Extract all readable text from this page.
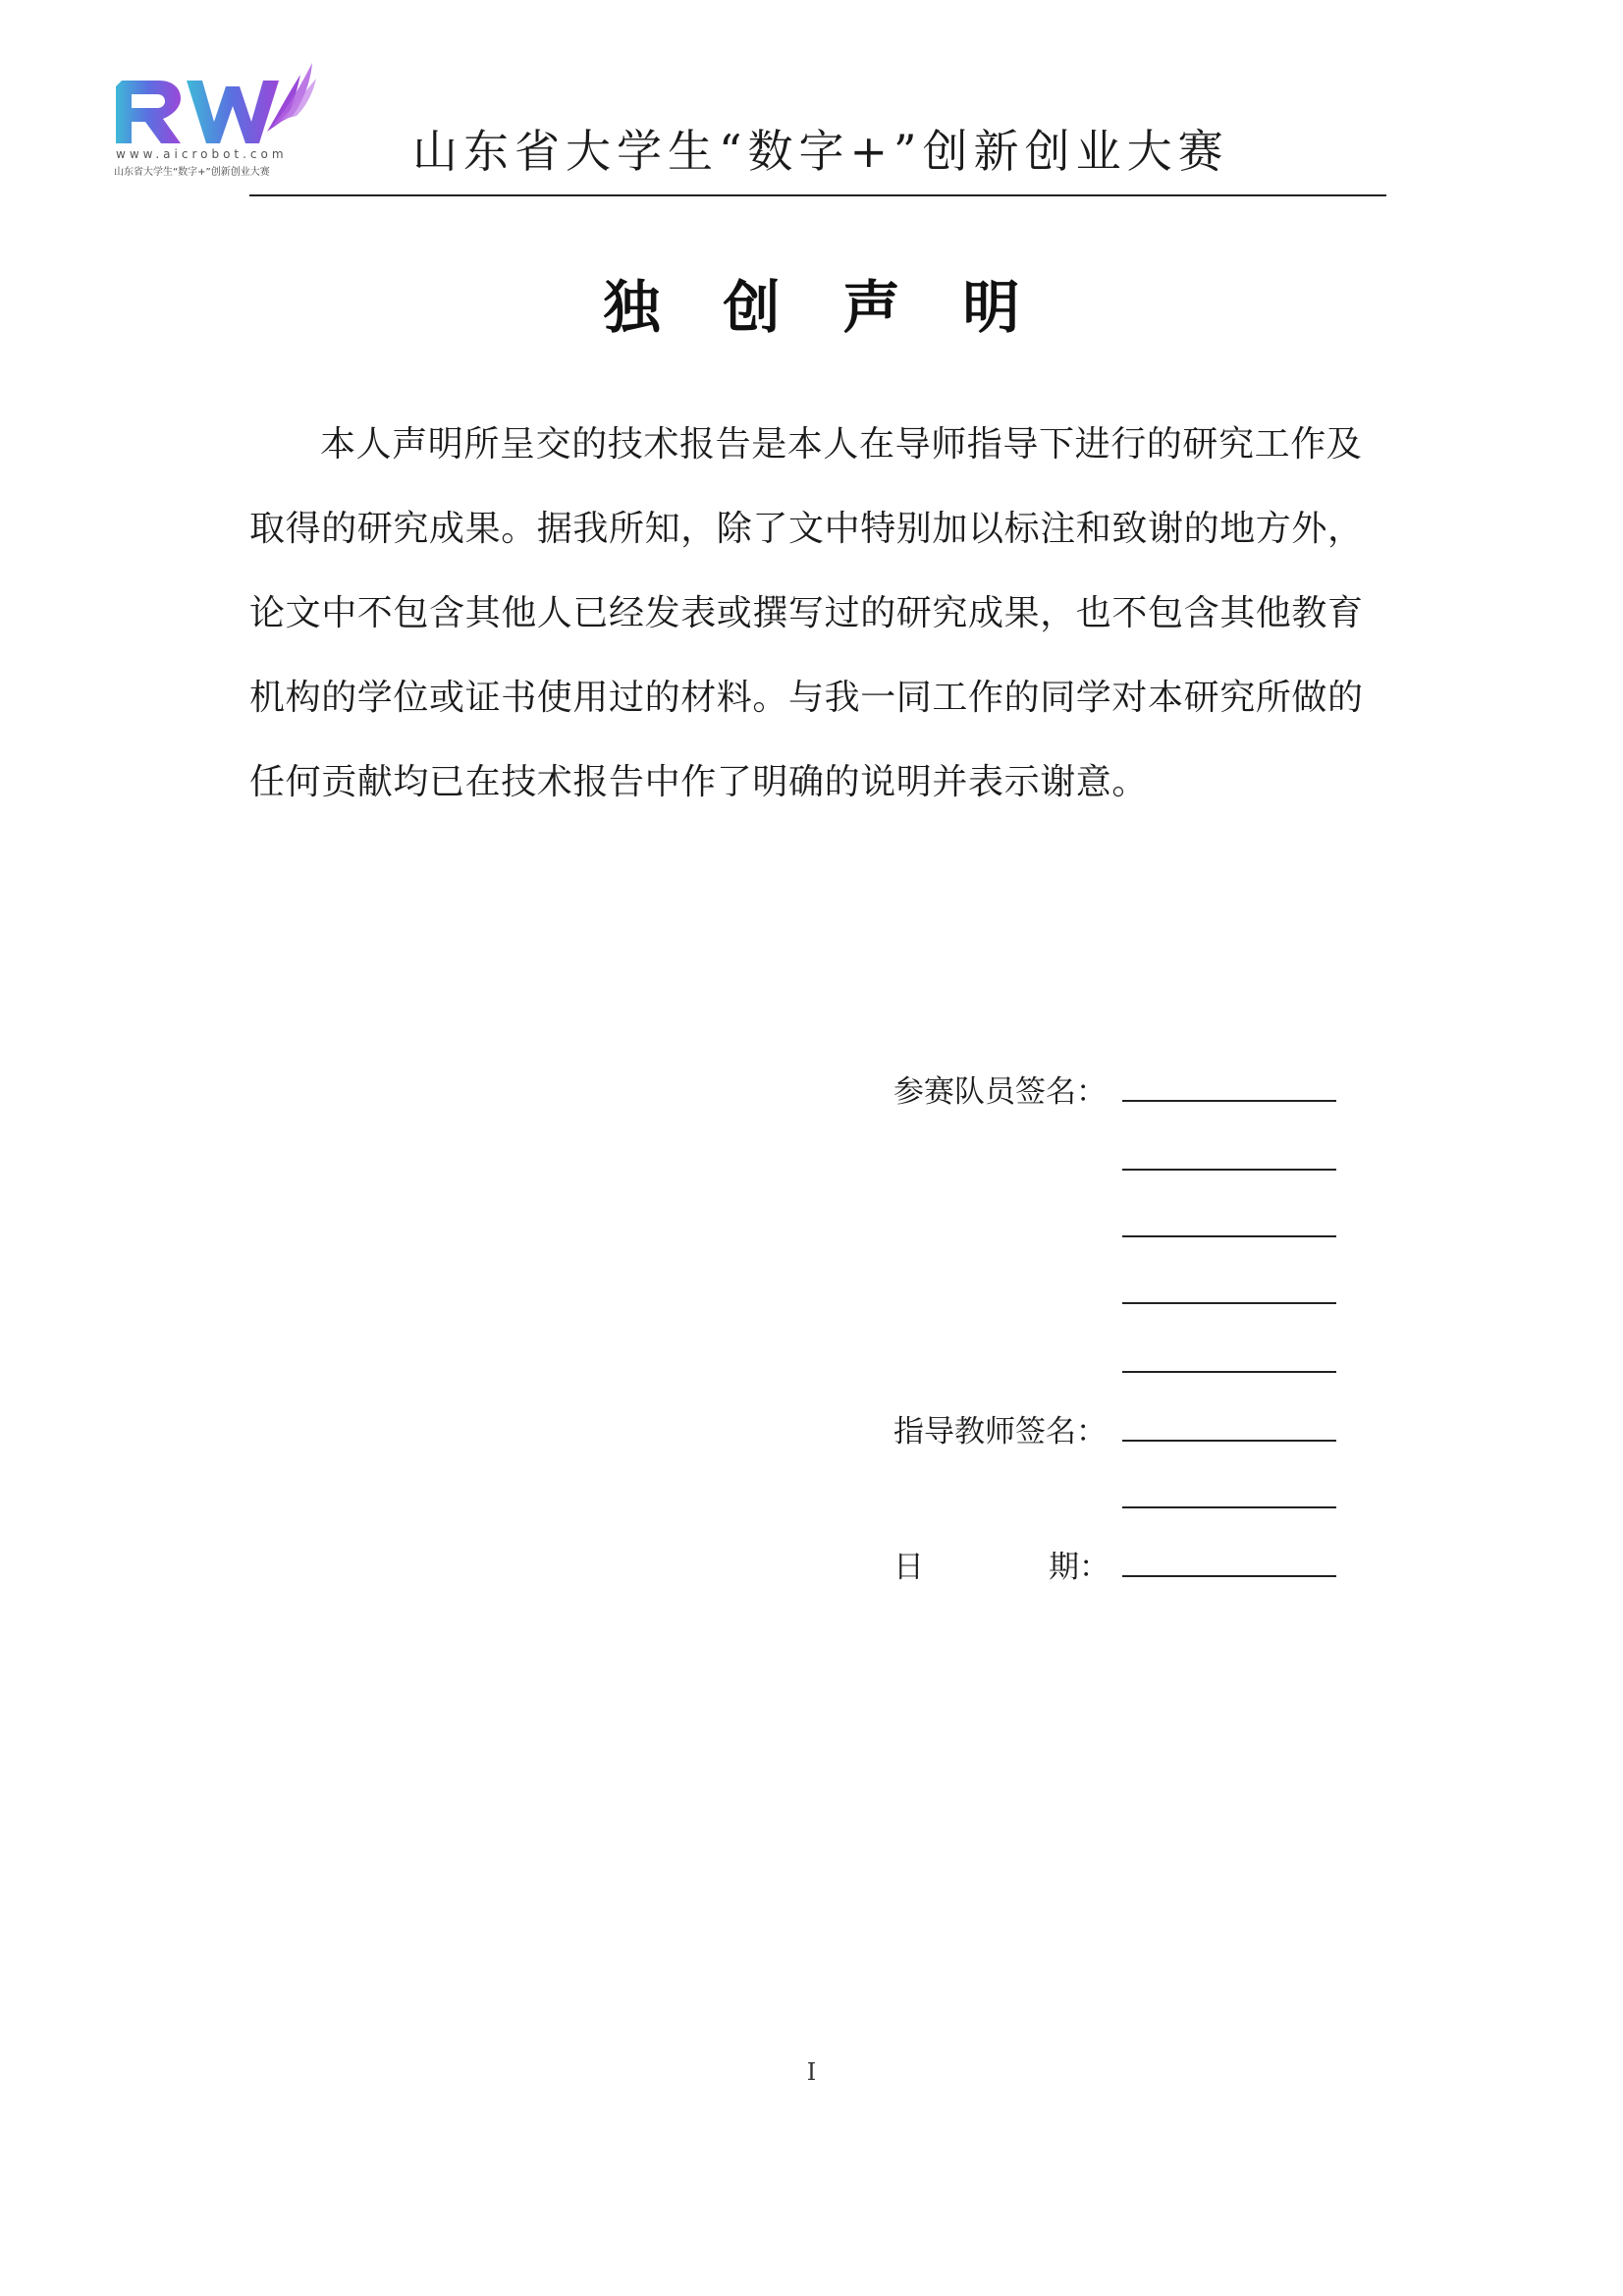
www.aicrobot.com
山东省大学生“数字+”创新创业大赛	山东省大学生“数字+”创新创业大赛
独创声明

本人声明所呈交的技术报告是本人在导师指导下进行的研究工作及取得的研究成果。据我所知，除了文中特别加以标注和致谢的地方外，论文中不包含其他人已经发表或撰写过的研究成果，也不包含其他教育机构的学位或证书使用过的材料。与我一同工作的同学对本研究所做的任何贡献均已在技术报告中作了明确的说明并表示谢意。

参赛队员签名：
指导教师签名：
日	期：
I
